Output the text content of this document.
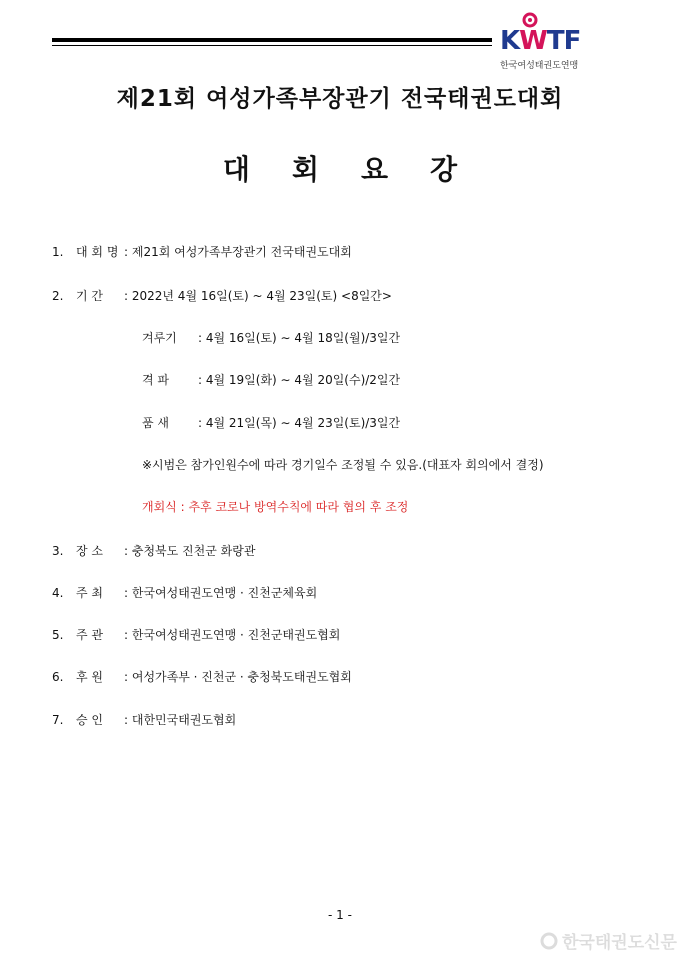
KWTF
한국여성태권도연맹
제21회 여성가족부장관기 전국태권도대회
대회요강
1. 대 회 명 : 제21회 여성가족부장관기 전국태권도대회
2. 기 간 : 2022년 4월 16일(토) ~ 4월 23일(토) <8일간>
겨루기 : 4월 16일(토) ∼ 4월 18일(월)/3일간
격 파 : 4월 19일(화) ∼ 4월 20일(수)/2일간
품 새 : 4월 21일(목) ∼ 4월 23일(토)/3일간
※시범은 참가인원수에 따라 경기일수 조정될 수 있음.(대표자 회의에서 결정)
개회식 : 추후 코로나 방역수칙에 따라 협의 후 조정
3. 장 소 : 충청북도 진천군 화랑관
4. 주 최 : 한국여성태권도연맹 · 진천군체육회
5. 주 관 : 한국여성태권도연맹 · 진천군태권도협회
6. 후 원 : 여성가족부 · 진천군 · 충청북도태권도협회
7. 승 인 : 대한민국태권도협회
- 1 -
한국태권도신문
